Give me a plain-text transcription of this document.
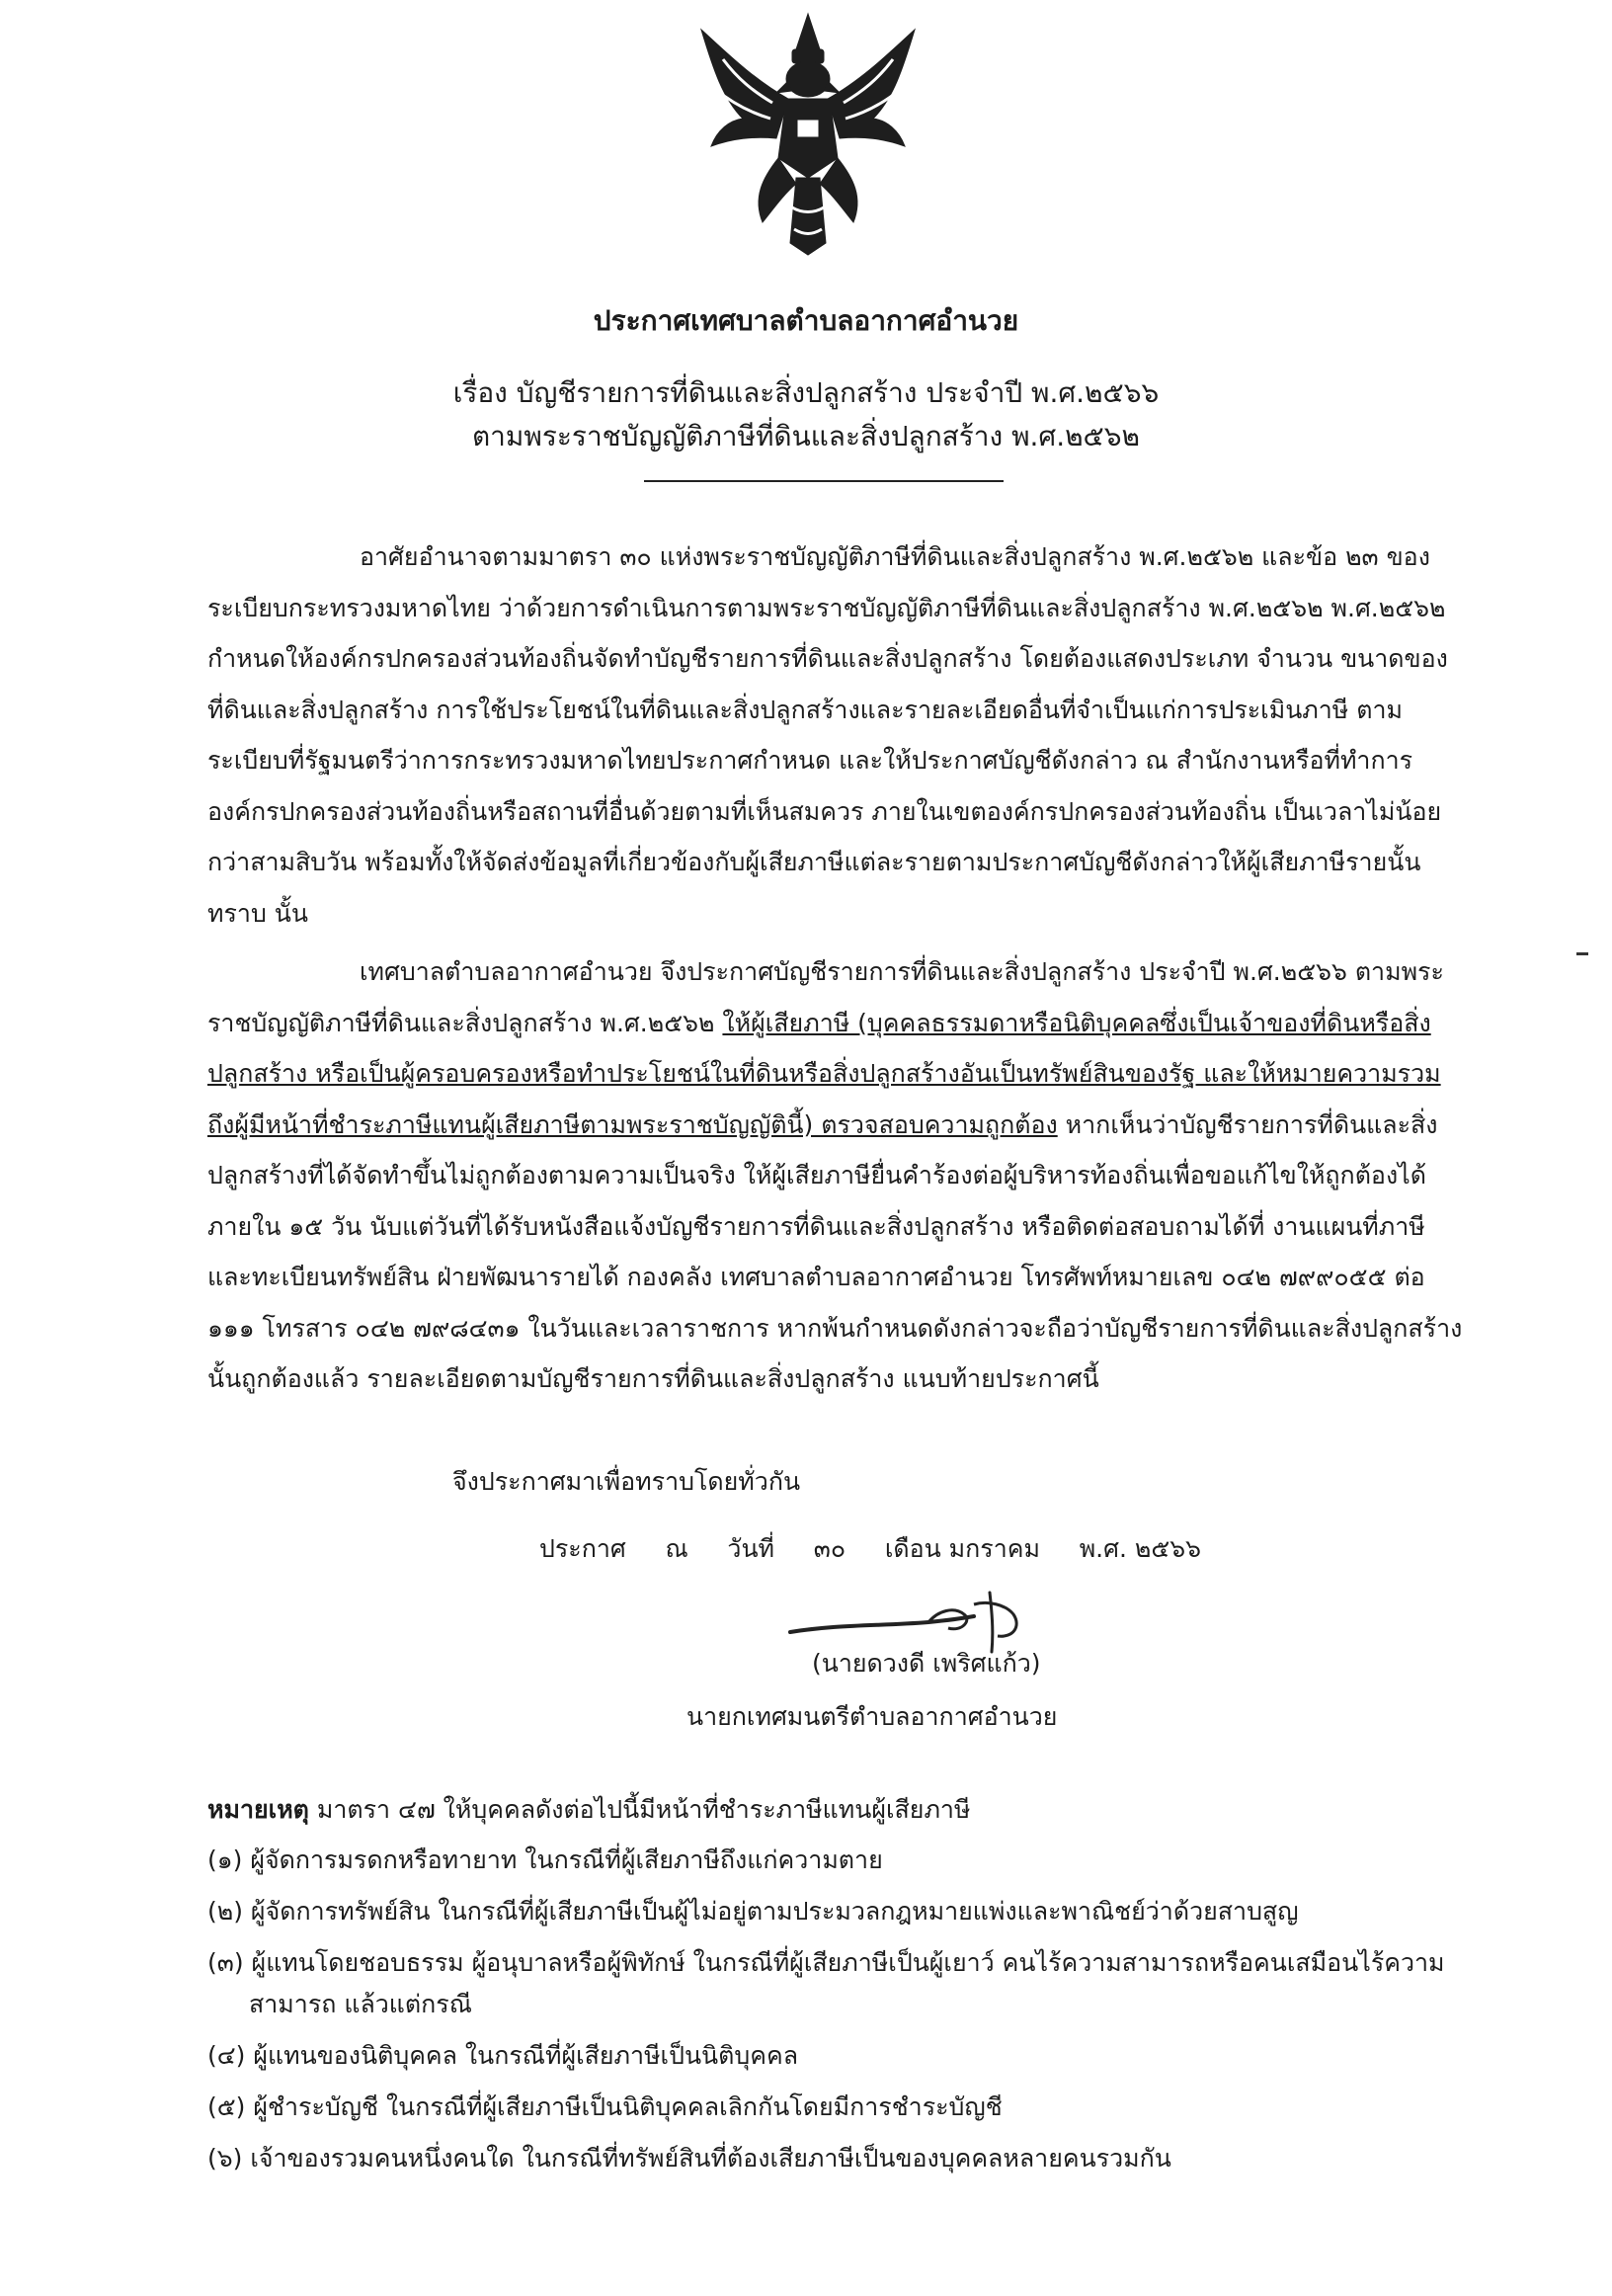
ประกาศเทศบาลตำบลอากาศอำนวย
เรื่อง บัญชีรายการที่ดินและสิ่งปลูกสร้าง ประจำปี พ.ศ.๒๕๖๖
ตามพระราชบัญญัติภาษีที่ดินและสิ่งปลูกสร้าง พ.ศ.๒๕๖๒
อาศัยอำนาจตามมาตรา ๓๐ แห่งพระราชบัญญัติภาษีที่ดินและสิ่งปลูกสร้าง พ.ศ.๒๕๖๒ และข้อ ๒๓ ของระเบียบกระทรวงมหาดไทย ว่าด้วยการดำเนินการตามพระราชบัญญัติภาษีที่ดินและสิ่งปลูกสร้าง พ.ศ.๒๕๖๒ พ.ศ.๒๕๖๒ กำหนดให้องค์กรปกครองส่วนท้องถิ่นจัดทำบัญชีรายการที่ดินและสิ่งปลูกสร้าง โดยต้องแสดงประเภท จำนวน ขนาดของที่ดินและสิ่งปลูกสร้าง การใช้ประโยชน์ในที่ดินและสิ่งปลูกสร้างและรายละเอียดอื่นที่จำเป็นแก่การประเมินภาษี ตามระเบียบที่รัฐมนตรีว่าการกระทรวงมหาดไทยประกาศกำหนด และให้ประกาศบัญชีดังกล่าว ณ สำนักงานหรือที่ทำการองค์กรปกครองส่วนท้องถิ่นหรือสถานที่อื่นด้วยตามที่เห็นสมควร ภายในเขตองค์กรปกครองส่วนท้องถิ่น เป็นเวลาไม่น้อยกว่าสามสิบวัน พร้อมทั้งให้จัดส่งข้อมูลที่เกี่ยวข้องกับผู้เสียภาษีแต่ละรายตามประกาศบัญชีดังกล่าวให้ผู้เสียภาษีรายนั้นทราบ นั้น
เทศบาลตำบลอากาศอำนวย จึงประกาศบัญชีรายการที่ดินและสิ่งปลูกสร้าง ประจำปี พ.ศ.๒๕๖๖ ตามพระราชบัญญัติภาษีที่ดินและสิ่งปลูกสร้าง พ.ศ.๒๕๖๒ ให้ผู้เสียภาษี (บุคคลธรรมดาหรือนิติบุคคลซึ่งเป็นเจ้าของที่ดินหรือสิ่งปลูกสร้าง หรือเป็นผู้ครอบครองหรือทำประโยชน์ในที่ดินหรือสิ่งปลูกสร้างอันเป็นทรัพย์สินของรัฐ และให้หมายความรวมถึงผู้มีหน้าที่ชำระภาษีแทนผู้เสียภาษีตามพระราชบัญญัตินี้) ตรวจสอบความถูกต้อง หากเห็นว่าบัญชีรายการที่ดินและสิ่งปลูกสร้างที่ได้จัดทำขึ้นไม่ถูกต้องตามความเป็นจริง ให้ผู้เสียภาษียื่นคำร้องต่อผู้บริหารท้องถิ่นเพื่อขอแก้ไขให้ถูกต้องได้ ภายใน ๑๕ วัน นับแต่วันที่ได้รับหนังสือแจ้งบัญชีรายการที่ดินและสิ่งปลูกสร้าง หรือติดต่อสอบถามได้ที่ งานแผนที่ภาษีและทะเบียนทรัพย์สิน ฝ่ายพัฒนารายได้ กองคลัง เทศบาลตำบลอากาศอำนวย โทรศัพท์หมายเลข ๐๔๒ ๗๙๙๐๕๕ ต่อ ๑๑๑ โทรสาร ๐๔๒ ๗๙๘๔๓๑ ในวันและเวลาราชการ หากพ้นกำหนดดังกล่าวจะถือว่าบัญชีรายการที่ดินและสิ่งปลูกสร้างนั้นถูกต้องแล้ว รายละเอียดตามบัญชีรายการที่ดินและสิ่งปลูกสร้าง แนบท้ายประกาศนี้
จึงประกาศมาเพื่อทราบโดยทั่วกัน
ประกาศ     ณ     วันที่     ๓๐     เดือน มกราคม     พ.ศ. ๒๕๖๖
(นายดวงดี เพริศแก้ว)
นายกเทศมนตรีตำบลอากาศอำนวย
หมายเหตุ มาตรา ๔๗ ให้บุคคลดังต่อไปนี้มีหน้าที่ชำระภาษีแทนผู้เสียภาษี
(๑) ผู้จัดการมรดกหรือทายาท ในกรณีที่ผู้เสียภาษีถึงแก่ความตาย
(๒) ผู้จัดการทรัพย์สิน ในกรณีที่ผู้เสียภาษีเป็นผู้ไม่อยู่ตามประมวลกฎหมายแพ่งและพาณิชย์ว่าด้วยสาบสูญ
(๓) ผู้แทนโดยชอบธรรม ผู้อนุบาลหรือผู้พิทักษ์ ในกรณีที่ผู้เสียภาษีเป็นผู้เยาว์ คนไร้ความสามารถหรือคนเสมือนไร้ความสามารถ แล้วแต่กรณี
(๔) ผู้แทนของนิติบุคคล ในกรณีที่ผู้เสียภาษีเป็นนิติบุคคล
(๕) ผู้ชำระบัญชี ในกรณีที่ผู้เสียภาษีเป็นนิติบุคคลเลิกกันโดยมีการชำระบัญชี
(๖) เจ้าของรวมคนหนึ่งคนใด ในกรณีที่ทรัพย์สินที่ต้องเสียภาษีเป็นของบุคคลหลายคนรวมกัน
